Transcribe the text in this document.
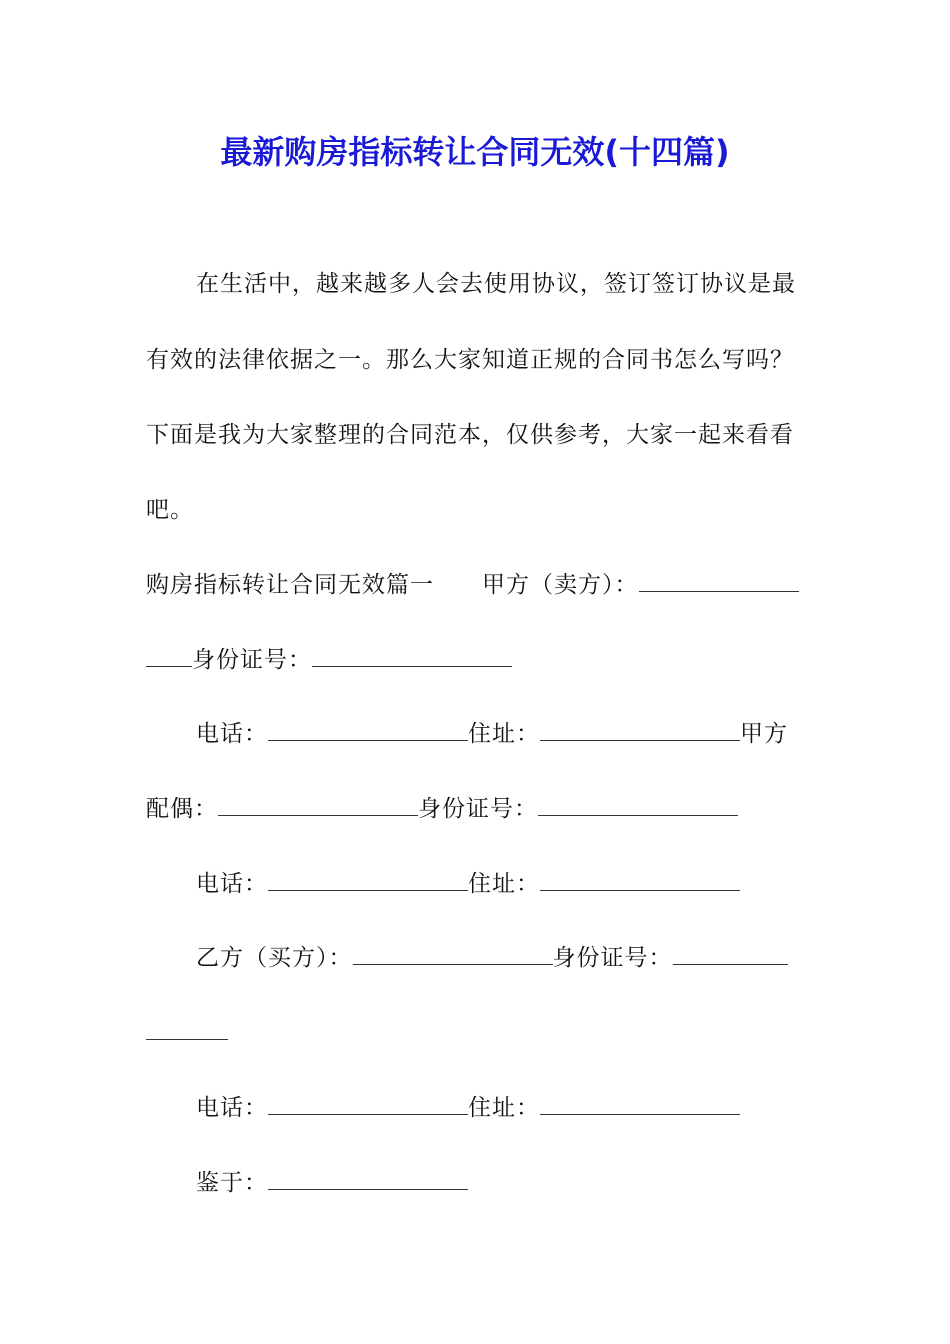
最新购房指标转让合同无效(十四篇)
在生活中，越来越多人会去使用协议，签订签订协议是最
有效的法律依据之一。那么大家知道正规的合同书怎么写吗？
下面是我为大家整理的合同范本，仅供参考，大家一起来看看
吧。
购房指标转让合同无效篇一 甲方（卖方）：
身份证号：
电话：	住址：	甲方
配偶：	身份证号：
电话：	住址：
乙方（买方）：	身份证号：
电话：	住址：
鉴于：
